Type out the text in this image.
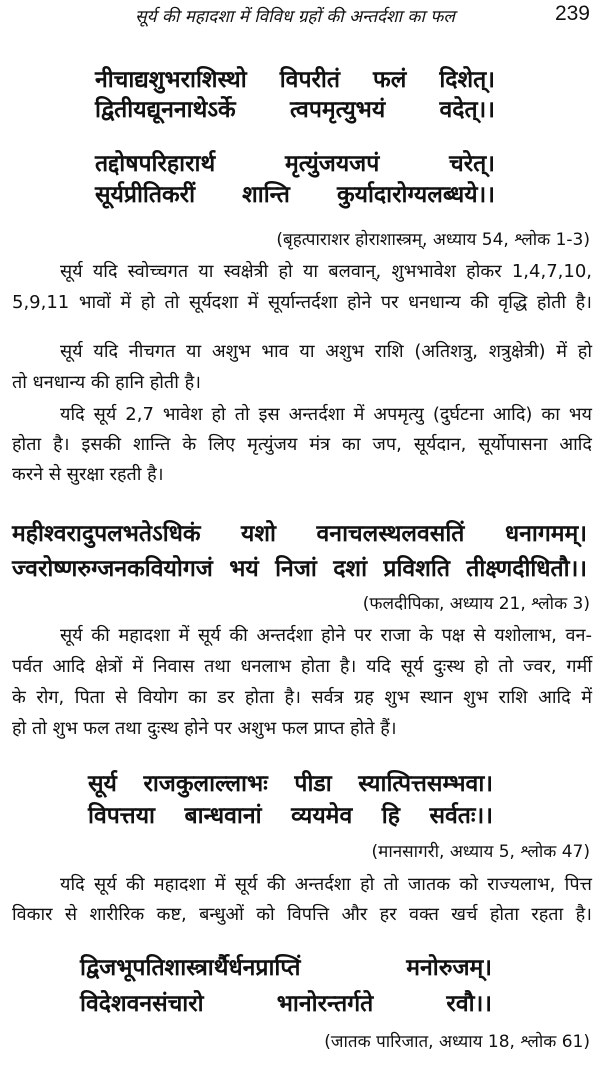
सूर्य की महादशा में विविध ग्रहों की अन्तर्दशा का फल	239
नीचाद्यशुभराशिस्थो विपरीतं फलं दिशेत्।
द्वितीयद्यूननाथेऽर्के त्वपमृत्युभयं वदेत्।।
तद्दोषपरिहारार्थ मृत्युंजयजपं चरेत्।
सूर्यप्रीतिकरीं शान्ति कुर्यादारोग्यलब्धये।।
(बृहत्पाराशर होराशास्त्रम्, अध्याय 54, श्लोक 1-3)
सूर्य यदि स्वोच्चगत या स्वक्षेत्री हो या बलवान्, शुभभावेश होकर 1,4,7,10,
5,9,11 भावों में हो तो सूर्यदशा में सूर्यान्तर्दशा होने पर धनधान्य की वृद्धि होती है।
सूर्य यदि नीचगत या अशुभ भाव या अशुभ राशि (अतिशत्रु, शत्रुक्षेत्री) में हो
तो धनधान्य की हानि होती है।
यदि सूर्य 2,7 भावेश हो तो इस अन्तर्दशा में अपमृत्यु (दुर्घटना आदि) का भय
होता है। इसकी शान्ति के लिए मृत्युंजय मंत्र का जप, सूर्यदान, सूर्योपासना आदि
करने से सुरक्षा रहती है।
महीश्वरादुपलभतेऽधिकं यशो वनाचलस्थलवसतिं धनागमम्।
ज्वरोष्णरुग्जनकवियोगजं भयं निजां दशां प्रविशति तीक्ष्णदीधितौ।।
(फलदीपिका, अध्याय 21, श्लोक 3)
सूर्य की महादशा में सूर्य की अन्तर्दशा होने पर राजा के पक्ष से यशोलाभ, वन-
पर्वत आदि क्षेत्रों में निवास तथा धनलाभ होता है। यदि सूर्य दुःस्थ हो तो ज्वर, गर्मी
के रोग, पिता से वियोग का डर होता है। सर्वत्र ग्रह शुभ स्थान शुभ राशि आदि में
हो तो शुभ फल तथा दुःस्थ होने पर अशुभ फल प्राप्त होते हैं।
सूर्य राजकुलाल्लाभः पीडा स्यात्पित्तसम्भवा।
विपत्तया बान्धवानां व्ययमेव हि सर्वतः।।
(मानसागरी, अध्याय 5, श्लोक 47)
यदि सूर्य की महादशा में सूर्य की अन्तर्दशा हो तो जातक को राज्यलाभ, पित्त
विकार से शारीरिक कष्ट, बन्धुओं को विपत्ति और हर वक्त खर्च होता रहता है।
द्विजभूपतिशास्त्रार्थैर्धनप्राप्तिं मनोरुजम्।
विदेशवनसंचारो भानोरन्तर्गते रवौ।।
(जातक पारिजात, अध्याय 18, श्लोक 61)
